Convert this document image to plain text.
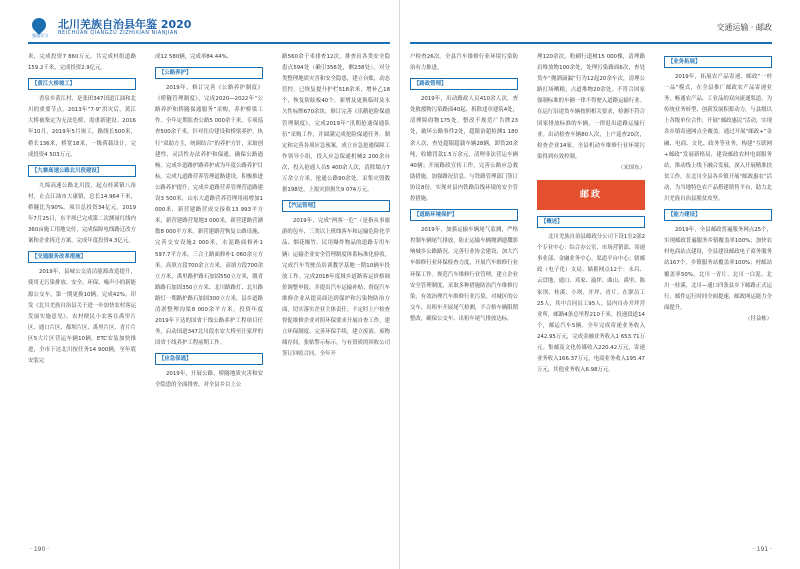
强国学习
北川羌族自治县年鉴 2020
BEICHUAN QIANGZU ZIZHIXIAN NIANJIAN

米，完成投资7 860万元。共完成村组道路159.2千米，完成投资2.9亿元。

【黄江大桥竣工】

香泉乡黄江村、是张团347国道江油和北川的重要节点。2013年“7·9”洪灾后，黄江大桥被鉴定为无法危桥，需重新建设。2016年10月，2019年5月竣工，路线长500米，桥长136米，桥宽18米，一级荷载设计，完成投资4 503万元。

【九寨高速公路北川段建设】

九绵高速公路北川段，起点桂溪镇八角村，止点江油市大康镇，总长14.964千米，桥隧比为90%。项目总投资34亿元。2019年7月25日，东平坝已完成第二次测量红线内360亩施工用地交付，完成保障电线路迁改方案和企业拆迁方案，完成年度投资4.3亿元。

【交通服务改革措施】

2019年，县城公交清洁能源改造提升，使用无污染排放、安全、环保、噪声小的新能源公交车，第一期更换10辆，完成42%。印发《北川羌族自治县关于进一步加快农村客运发展实施意见》，农村便民小农客在禹里片区、通口片区、都坝片区、禹里片区、青片片区5大片区营运车辆10辆。ETC安装加快推进，全市下达北川按任务14 900辆，至年底安装完

成12 580辆，完成率84.44%。

【公路养护】

2019年，修订完善《公路养护制度》《桥隧管理制度》，完成2020—2022年“公路养护和桥隧保通服务”采购，养护桥梁工作。全年定期监查公路5 000余千米，专项巡查500余千米，针对住房建设和桥梁养护，执行“双助方主，统调结合”的养护方针，采取创建性、灵活性办法养护和保通，确保公路通畅。完成乡道路护路养护成为年度公路养护目标。完成九道路营养管理道路建设，积极推进公路养护提升，完成乡道路营养管理营道路建设3 500米，山东大道路营养管理用雨增加1 000米，新营建路营成交接收13 993平方米，新营建路营堤地3 000米，新营建路营涵数8 000平方米，新营建路营恢复公路设施、完善交安设施2 000米，水泥路面修补1 597.7平方米。三合土路面修补1 060余立方米。高填方段700余立方米，高填方段700余立方米，禹里路护路石加固550立方米，墩青路路石加固350立方米、北川路路灯、北川路路灯一期路护路石加固300立方米，县乡道路清淤整理沟渠8 000余平方米。投资年度2019年下达的国省干线公路养护工程项目任务，启动国道347北川段水安大桥至汪家坪的国省干线养护工程前期工作。

【应急保通】

2019年，开展公路、桥隧地质灾害和安全隐患的全面排查，对全县乡以上公

路560余千米排查12次，排查出各类安全隐患点594处（确引356处，侧238处），对分类整理地质灾害和安全隐患，建立台账，动态管控。已恢复提升护栏518余米，增补乙18个，恢复防眩板40个，新增及更换临时及永久性标牌670余块。修订完善《乐鹅抢险保通管理制度》，完成2019年“汛期抢通保通队伍”采购工作，并圆满完成抢险保通任务。制定和完善各项应急预案，成立应急抢通保障工作领导小组，投入应急保通机械2 200余台次，投入抢通人员5 400余人次，清除塌方7万余立方米，抢通公路90余处。采集灾毁数据198处，上报灾损损失9 074万元。

【汽运管理】

2019年，完成“两客一危”（是指从事旅游的包车、三类以上班线客车和运输危险化学品、烟花爆竹、民用爆炸物品的道路专用车辆）运输企业安全管理制度体系标准化验收。完成汽车驾驶员培训教学基地一期10辆车投放工作。完成2018年度域乡道路客运价格调价调整申报，并提出汽车运输补贴；督促汽车维修企业从提高面达到保护和污染物防治方面，切实落实企业主体责任。不定时上户检查督促维修企业对照环保要求开展自查工作，建立环保制度、完善环保手续，建立废液、废物储存间，张贴警示标示，与有资质的回收公司签订回收合同。全年开

· 190 ·
交通运输 · 邮政

户检查26次。全县汽车维修行业环境污染防治有力推进。

【路政管理】

2019年，出动路政人员410余人次，查处救援物污染路面40起、拆除违章建筑4处，清理障碍物175处，整改不规范广告牌23处，破坏公路事件2处，超限治超检测1 180余人次，查处超限超载车辆28辆，卸货20余吨，收缴罚款1.5万余元，清理非法营运车辆40辆；开展路政宣传工作，完善公路应急救助措施，加强路况信息。与铁路管理部门签订协议8份，实现对县内铁路沿线环境的安全管控措施。

【道路环境保护】

2019年，加强运输车辆尾气监测，严格控制车辆尾气排放，防止运输车辆抛洒遗撒影响城乡公路路况。完善行业协会建设，加大汽车维修行业环保检查力度，开展汽车维修行业环保工作。规范汽车维修行业管理，建立企业安全管理制度，采取多种措施防治汽车维修污染，有效治理汽车维修行业污染。对城区的公交车、出租车开展尾气检测，不合格车辆限期整改，确保公交车、出租车尾气排放达标。

理120余次，粉刷行道树15 000棵，清理路肩堆放物100余处，处理污染路面6次，查处货车“抛洒滴漏”行为12起20余车次，清理公路打场晒粮，占道堆物20余处，不符合国家强制标准的车辆一律不得驶入道路运输行业。在运行沿途货车辆按照相关要求，检测不符合国家排放标准的车辆，一律退出道路运输行业。出动检查车辆80人次，上户巡查20次，检查企业14家，全县机动车维修行业环境污染得到有效控制。

（宋国东）

邮政
【概述】

北川羌族自治县邮政分公司下设1室2部2个专业中心：综合办公室、市场营销部、寄递事业部、金融业务中心、渠道平台中心；辖邮政（电子化）支局、储蓄网点12个：永昌、云盘地、通口、邓家、漩坪、曲山、禹里、陈家坝、桂溪、小坝、开坪、青片。在职员工25人，其中合同员工95人。县内自办开坪营业所，邮路4条总里程210千米，投递段道14个，邮运汽车5辆。全年完成寄递业务收入242.95万元，完成金融业务收入1 653.71万元。集邮及文化传媒收入220.42万元，寄递业务收入166.37万元，电商业务收入195.47万元，其他业务收入6.98万元。

【业务拓展】

2019年，拓展农产品寄递、邮政“一村一品”模式，在全县推广邮政农产品寄递业务，畅通农产品、工业品的双向流通渠道。为传统业务转型、创新发展积蓄动力，与县级以上各级单位合作，开展“邮政惠民”活动，实现各乡镇寄递网点全覆盖。通过开展“邮政+”金融、电商、文化、政务等业务，构建“互联网+邮政”发展新格局，建设邮政农村电商服务站，推动线上线下融合发展，深入开展精准扶贫工作，在北川全县各乡镇开展“邮政惠农”活动，为当地特色农产品搭建销售平台，助力北川羌族自治县脱贫攻坚。

【能力建设】

2019年，全县邮政普遍服务网点25个，实现邮政普遍服务乡镇覆盖率100%；加快农村电商站点建设，全县建设邮政电子商务服务站167个，乡镇服务站覆盖率100%；村邮站覆盖率50%，北川一青片、北川一白泥、北川一桂溪、北川—通口四条县乡下邮路正式运行。邮件运行时间全面提速，邮政网运能力全面提升。

（付益栋）

· 191 ·
